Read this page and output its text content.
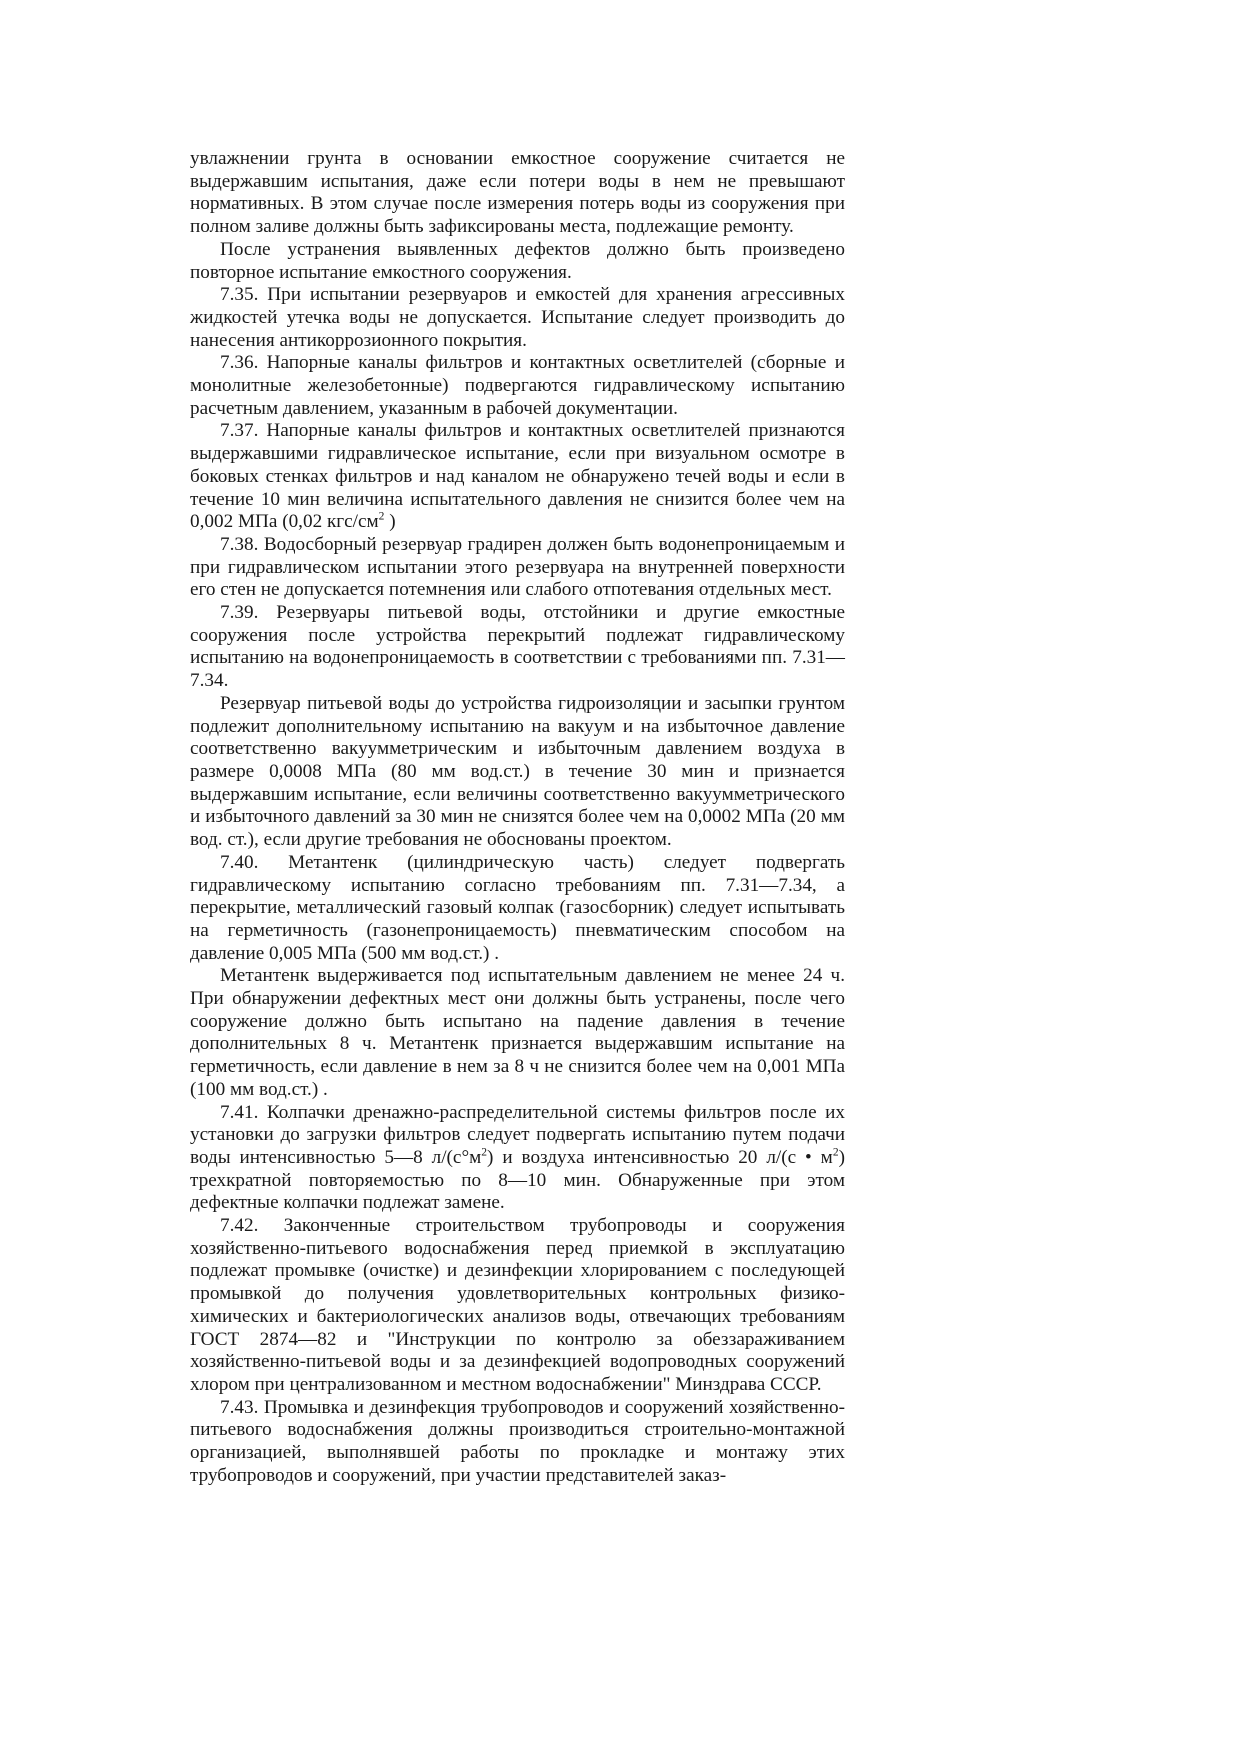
увлажнении грунта в основании емкостное сооружение считается не выдержавшим испытания, даже если потери воды в нем не превышают нормативных. В этом случае после измерения потерь воды из сооружения при полном заливе должны быть зафиксированы места, подлежащие ремонту.

После устранения выявленных дефектов должно быть произведено повторное испытание емкостного сооружения.

7.35. При испытании резервуаров и емкостей для хранения агрессивных жидкостей утечка воды не допускается. Испытание следует производить до нанесения антикоррозионного покрытия.

7.36. Напорные каналы фильтров и контактных осветлителей (сборные и монолитные железобетонные) подвергаются гидравлическому испытанию расчетным давлением, указанным в рабочей документации.

7.37. Напорные каналы фильтров и контактных осветлителей признаются выдержавшими гидравлическое испытание, если при визуальном осмотре в боковых стенках фильтров и над каналом не обнаружено течей воды и если в течение 10 мин величина испытательного давления не снизится более чем на 0,002 МПа (0,02 кгс/$см^2$ )

7.38. Водосборный резервуар градирен должен быть водонепроницаемым и при гидравлическом испытании этого резервуара на внутренней поверхности его стен не допускается потемнения или слабого отпотевания отдельных мест.

7.39. Резервуары питьевой воды, отстойники и другие емкостные сооружения после устройства перекрытий подлежат гидравлическому испытанию на водонепроницаемость в соответствии с требованиями пп. 7.31—7.34.

Резервуар питьевой воды до устройства гидроизоляции и засыпки грунтом подлежит дополнительному испытанию на вакуум и на избыточное давление соответственно вакуумметрическим и избыточным давлением воздуха в размере 0,0008 МПа (80 мм вод.ст.) в течение 30 мин и признается выдержавшим испытание, если величины соответственно вакуумметрического и избыточного давлений за 30 мин не снизятся более чем на 0,0002 МПа (20 мм вод. ст.), если другие требования не обоснованы проектом.

7.40. Метантенк (цилиндрическую часть) следует подвергать гидравлическому испытанию согласно требованиям пп. 7.31—7.34, а перекрытие, металлический газовый колпак (газосборник) следует испытывать на герметичность (газонепроницаемость) пневматическим способом на давление 0,005 МПа (500 мм вод.ст.) .

Метантенк выдерживается под испытательным давлением не менее 24 ч. При обнаружении дефектных мест они должны быть устранены, после чего сооружение должно быть испытано на падение давления в течение дополнительных 8 ч. Метантенк признается выдержавшим испытание на герметичность, если давление в нем за 8 ч не снизится более чем на 0,001 МПа (100 мм вод.ст.) .

7.41. Колпачки дренажно-распределительной системы фильтров после их установки до загрузки фильтров следует подвергать испытанию путем подачи воды интенсивностью 5—8 $л/(с^\circ м^2)$ и воздуха интенсивностью 20 л/(с • $м^2$) трехкратной повторяемостью по 8—10 мин. Обнаруженные при этом дефектные колпачки подлежат замене.

7.42. Законченные строительством трубопроводы и сооружения хозяйственно-питьевого водоснабжения перед приемкой в эксплуатацию подлежат промывке (очистке) и дезинфекции хлорированием с последующей промывкой до получения удовлетворительных контрольных физико-химических и бактериологических анализов воды, отвечающих требованиям ГОСТ 2874—82 и "Инструкции по контролю за обеззараживанием хозяйственно-питьевой воды и за дезинфекцией водопроводных сооружений хлором при централизованном и местном водоснабжении" Минздрава СССР.

7.43. Промывка и дезинфекция трубопроводов и сооружений хозяйственно-питьевого водоснабжения должны производиться строительно-монтажной организацией, выполнявшей работы по прокладке и монтажу этих трубопроводов и сооружений, при участии представителей заказ-
